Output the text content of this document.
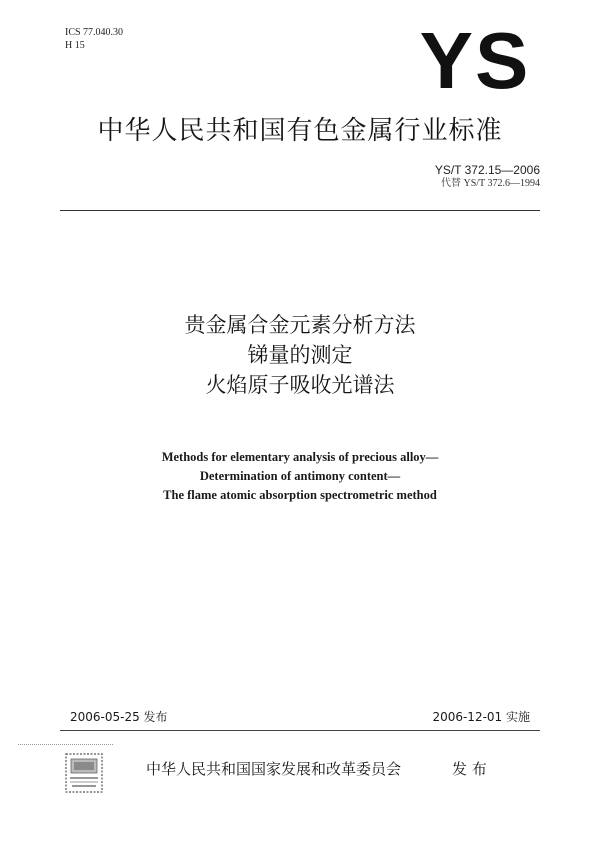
ICS 77.040.30
H 15	YS
中华人民共和国有色金属行业标准
YS/T 372.15—2006
代替 YS/T 372.6—1994
贵金属合金元素分析方法
锑量的测定
火焰原子吸收光谱法
Methods for elementary analysis of precious alloy—
Determination of antimony content—
The flame atomic absorption spectrometric method
2006-05-25 发布	2006-12-01 实施
中华人民共和国国家发展和改革委员会	发 布
